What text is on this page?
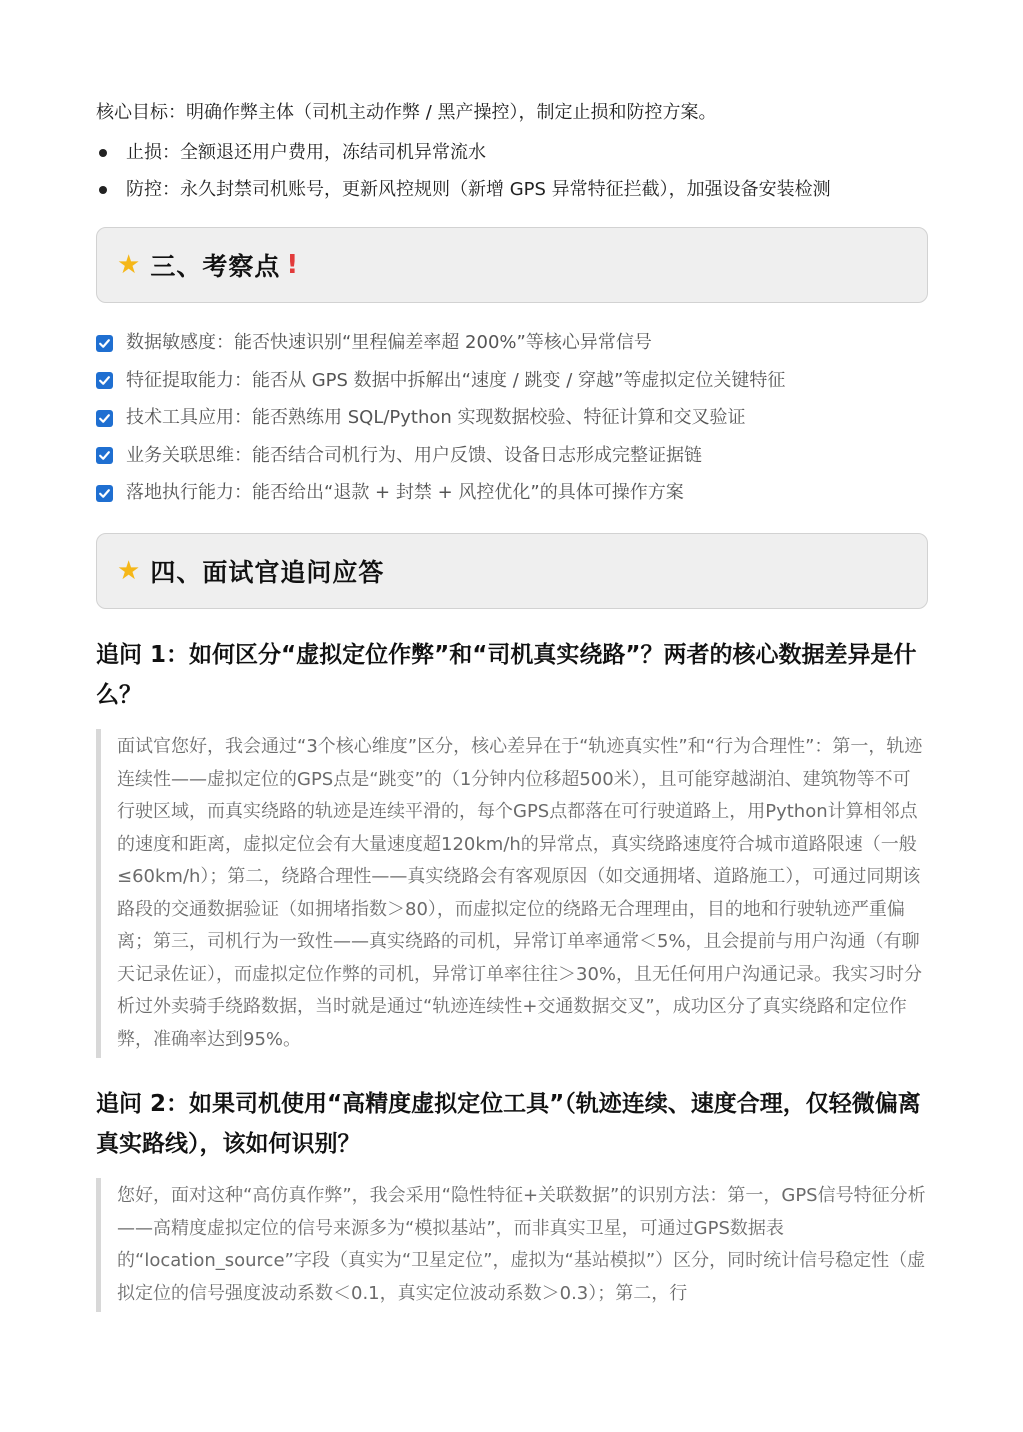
核心目标：明确作弊主体（司机主动作弊 / 黑产操控），制定止损和防控方案。

止损：全额退还用户费用，冻结司机异常流水
防控：永久封禁司机账号，更新风控规则（新增 GPS 异常特征拦截），加强设备安装检测
★ 三、考察点 !
数据敏感度：能否快速识别“里程偏差率超 200%”等核心异常信号
特征提取能力：能否从 GPS 数据中拆解出“速度 / 跳变 / 穿越”等虚拟定位关键特征
技术工具应用：能否熟练用 SQL/Python 实现数据校验、特征计算和交叉验证
业务关联思维：能否结合司机行为、用户反馈、设备日志形成完整证据链
落地执行能力：能否给出“退款 + 封禁 + 风控优化”的具体可操作方案
★ 四、面试官追问应答
追问 1：如何区分“虚拟定位作弊”和“司机真实绕路”？两者的核心数据差异是什么？
面试官您好，我会通过“3个核心维度”区分，核心差异在于“轨迹真实性”和“行为合理性”：第一，轨迹连续性——虚拟定位的GPS点是“跳变”的（1分钟内位移超500米），且可能穿越湖泊、建筑物等不可行驶区域，而真实绕路的轨迹是连续平滑的，每个GPS点都落在可行驶道路上，用Python计算相邻点的速度和距离，虚拟定位会有大量速度超120km/h的异常点，真实绕路速度符合城市道路限速（一般≤60km/h）；第二，绕路合理性——真实绕路会有客观原因（如交通拥堵、道路施工），可通过同期该路段的交通数据验证（如拥堵指数＞80），而虚拟定位的绕路无合理理由，目的地和行驶轨迹严重偏离；第三，司机行为一致性——真实绕路的司机，异常订单率通常＜5%，且会提前与用户沟通（有聊天记录佐证），而虚拟定位作弊的司机，异常订单率往往＞30%，且无任何用户沟通记录。我实习时分析过外卖骑手绕路数据，当时就是通过“轨迹连续性+交通数据交叉”，成功区分了真实绕路和定位作弊，准确率达到95%。
追问 2：如果司机使用“高精度虚拟定位工具”（轨迹连续、速度合理，仅轻微偏离真实路线），该如何识别？
您好，面对这种“高仿真作弊”，我会采用“隐性特征+关联数据”的识别方法：第一，GPS信号特征分析——高精度虚拟定位的信号来源多为“模拟基站”，而非真实卫星，可通过GPS数据表的“location_source”字段（真实为“卫星定位”，虚拟为“基站模拟”）区分，同时统计信号稳定性（虚拟定位的信号强度波动系数＜0.1，真实定位波动系数＞0.3）；第二，行
